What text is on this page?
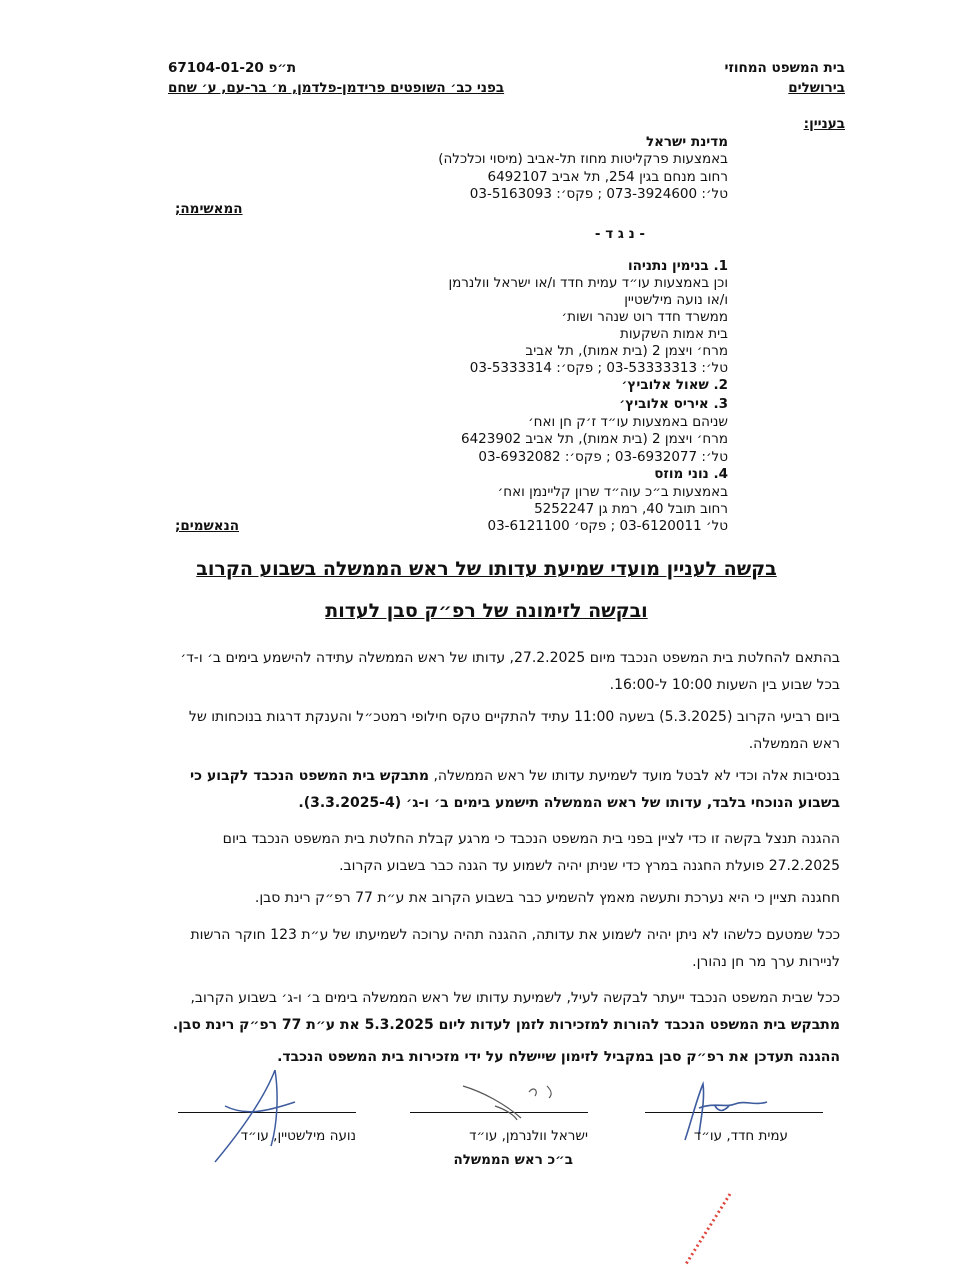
בית המשפט המחוזי
בירושלים
ת״פ 67104-01-20
בפני כב׳ השופטים פרידמן-פלדמן, מ׳ בר-עם, ע׳ שחם
בעניין:
מדינת ישראל
באמצעות פרקליטות מחוז תל-אביב (מיסוי וכלכלה)
רחוב מנחם בגין 254, תל אביב 6492107
טל׳: 073-3924600 ; פקס׳: 03-5163093
המאשימה;
- נ ג ד -
1. בנימין נתניהו
וכן באמצעות עו״ד עמית חדד ו/או ישראל וולנרמן
ו/או נועה מילשטיין
ממשרד חדד רוט שנהר ושות׳
בית אמות השקעות
מרח׳ ויצמן 2 (בית אמות), תל אביב
טל׳: 03-53333313 ; פקס׳: 03-5333314
2. שאול אלוביץ׳
3. איריס אלוביץ׳
שניהם באמצעות עו״ד ז׳ק חן ואח׳
מרח׳ ויצמן 2 (בית אמות), תל אביב 6423902
טל׳: 03-6932077 ; פקס׳: 03-6932082
4. נוני מוזס
באמצעות ב״כ עוה״ד שרון קליינמן ואח׳
רחוב תובל 40, רמת גן 5252247
טל׳ 03-6120011 ; פקס׳ 03-6121100
הנאשמים;
בקשה לעניין מועדי שמיעת עדותו של ראש הממשלה בשבוע הקרוב
ובקשה לזימונה של רפ״ק סבן לעדות
בהתאם להחלטת בית המשפט הנכבד מיום 27.2.2025, עדותו של ראש הממשלה עתידה להישמע בימים ב׳ ו-ד׳
בכל שבוע בין השעות 10:00 ל-16:00.
ביום רביעי הקרוב (5.3.2025) בשעה 11:00 עתיד להתקיים טקס חילופי רמטכ״ל והענקת דרגות בנוכחותו של
ראש הממשלה.
בנסיבות אלה וכדי לא לבטל מועד לשמיעת עדותו של ראש הממשלה, מתבקש בית המשפט הנכבד לקבוע כי
בשבוע הנוכחי בלבד, עדותו של ראש הממשלה תישמע בימים ב׳ ו-ג׳ (3.3.2025-4).
ההגנה תנצל בקשה זו כדי לציין בפני בית המשפט הנכבד כי מרגע קבלת החלטת בית המשפט הנכבד ביום
27.2.2025 פועלת החגנה במרץ כדי שניתן יהיה לשמוע עד הגנה כבר בשבוע הקרוב.
חחגנה תציין כי היא נערכת ותעשה מאמץ להשמיע כבר בשבוע הקרוב את ע״ת 77 רפ״ק רינת סבן.
ככל שמטעם כלשהו לא ניתן יהיה לשמוע את עדותה, ההגנה תהיה ערוכה לשמיעתו של ע״ת 123 חוקר הרשות
לניירות ערך מר חן נהורן.
ככל שבית המשפט הנכבד ייעתר לבקשה לעיל, לשמיעת עדותו של ראש הממשלה בימים ב׳ ו-ג׳ בשבוע הקרוב,
מתבקש בית המשפט הנכבד להורות למזכירות לזמן לעדות ליום 5.3.2025 את ע״ת 77 רפ״ק רינת סבן.
ההגנה תעדכן את רפ״ק סבן במקביל לזימון שיישלח על ידי מזכירות בית המשפט הנכבד.
עמית חדד, עו״ד
ישראל וולנרמן, עו״ד
נועה מילשטיין, עו״ד
ב״כ ראש הממשלה
